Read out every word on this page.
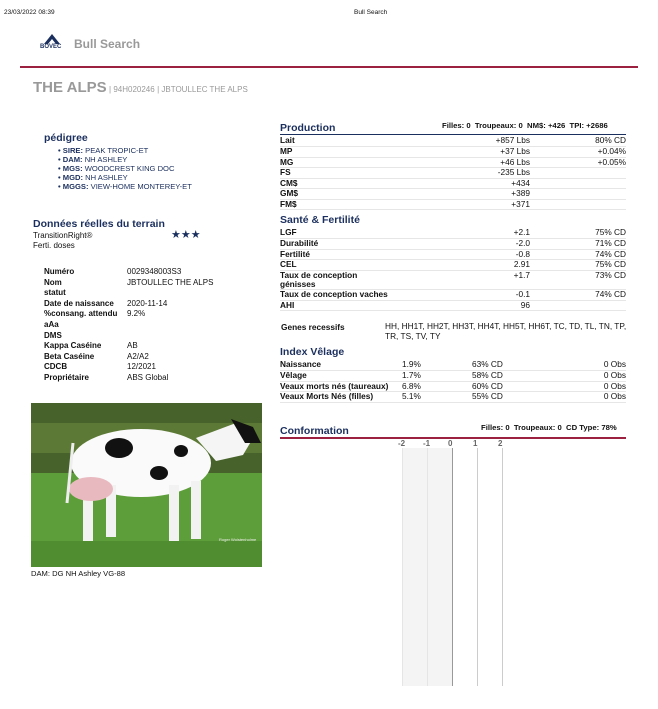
23/03/2022 08:39	Bull Search
BOVEC Bull Search
THE ALPS | 94H020246 | JBTOULLEC THE ALPS
pédigree
• SIRE: PEAK TROPIC-ET
• DAM: NH ASHLEY
• MGS: WOODCREST KING DOC
• MGD: NH ASHLEY
• MGGS: VIEW-HOME MONTEREY-ET
Données réelles du terrain
TransitionRight®	★★★
Ferti. doses
Numéro	0029348003S3
Nom	JBTOULLEC THE ALPS
statut	
Date de naissance	2020-11-14
%consang. attendu	9.2%
aAa	
DMS	
Kappa Caséine	AB
Beta Caséine	A2/A2
CDCB	12/2021
Propriétaire	ABS Global
Roger Wolstenholme
DAM: DG NH Ashley VG-88
Production	Filles: 0  Troupeaux: 0  NM$: +426  TPI: +2686
Lait	+857 Lbs	80% CD
MP	+37 Lbs	+0.04%
MG	+46 Lbs	+0.05%
FS	-235 Lbs	
CM$	+434	
GM$	+389	
FM$	+371	
Santé & Fertilité
LGF	+2.1	75% CD
Durabilité	-2.0	71% CD
Fertilité	-0.8	74% CD
CEL	2.91	75% CD
Taux de conception génisses	+1.7	73% CD
Taux de conception vaches	-0.1	74% CD
AHI	96	
Genes recessifs	HH, HH1T, HH2T, HH3T, HH4T, HH5T, HH6T, TC, TD, TL, TN, TP, TR, TS, TV, TY
Index Vêlage
Naissance	1.9%	63% CD	0 Obs
Vêlage	1.7%	58% CD	0 Obs
Veaux morts nés (taureaux)	6.8%	60% CD	0 Obs
Veaux Morts Nés (filles)	5.1%	55% CD	0 Obs
Conformation	Filles: 0  Troupeaux: 0  CD Type: 78%
-2 -1 0	1	2
